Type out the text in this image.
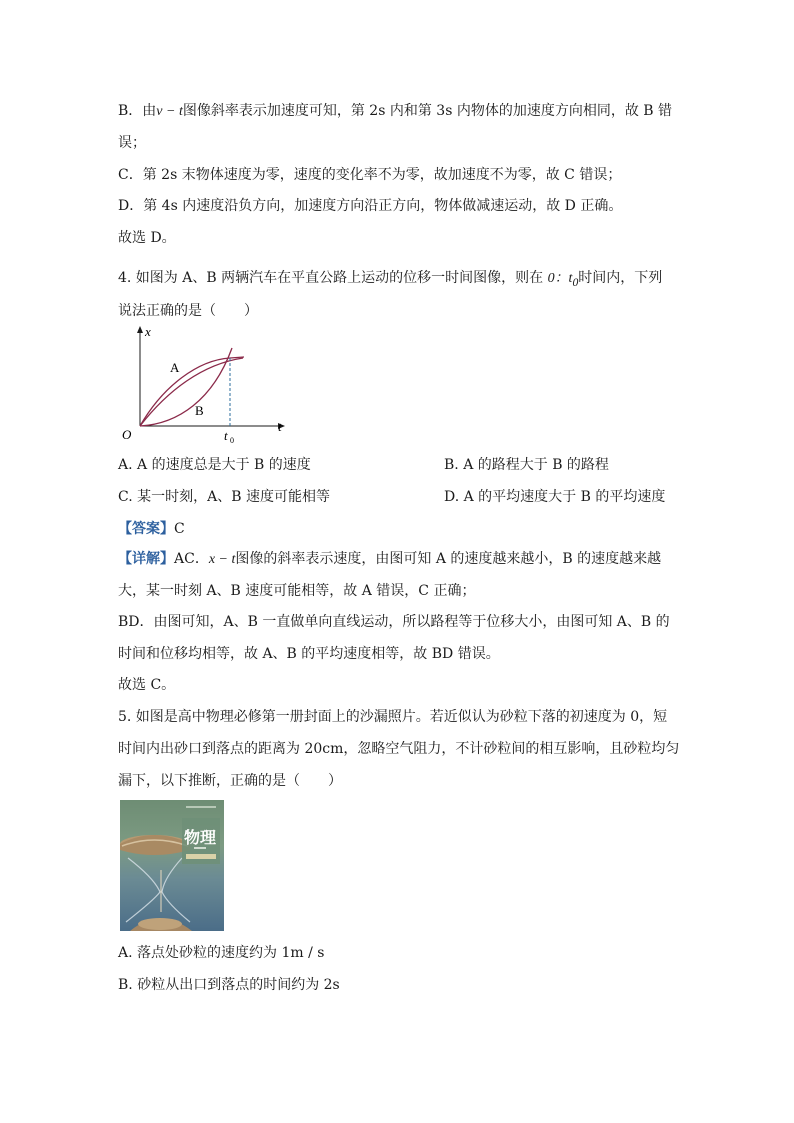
B．由v − t图像斜率表示加速度可知，第 2s 内和第 3s 内物体的加速度方向相同，故 B 错
误；
C．第 2s 末物体速度为零，速度的变化率不为零，故加速度不为零，故 C 错误；
D．第 4s 内速度沿负方向，加速度方向沿正方向，物体做减速运动，故 D 正确。
故选 D。
4. 如图为 A、B 两辆汽车在平直公路上运动的位移一时间图像，则在 0：$t_0$时间内，下列
说法正确的是（　　）
x
t
O
A
B
t 0
A. A 的速度总是大于 B 的速度	B. A 的路程大于 B 的路程
C. 某一时刻，A、B 速度可能相等	D. A 的平均速度大于 B 的平均速度
【答案】C
【详解】AC．x − t图像的斜率表示速度，由图可知 A 的速度越来越小，B 的速度越来越
大，某一时刻 A、B 速度可能相等，故 A 错误，C 正确；
BD．由图可知，A、B 一直做单向直线运动，所以路程等于位移大小，由图可知 A、B 的
时间和位移均相等，故 A、B 的平均速度相等，故 BD 错误。
故选 C。
5. 如图是高中物理必修第一册封面上的沙漏照片。若近似认为砂粒下落的初速度为 0，短
时间内出砂口到落点的距离为 20cm，忽略空气阻力，不计砂粒间的相互影响，且砂粒均匀
漏下，以下推断，正确的是（　　）
物理
A. 落点处砂粒的速度约为 1m / s
B. 砂粒从出口到落点的时间约为 2s
